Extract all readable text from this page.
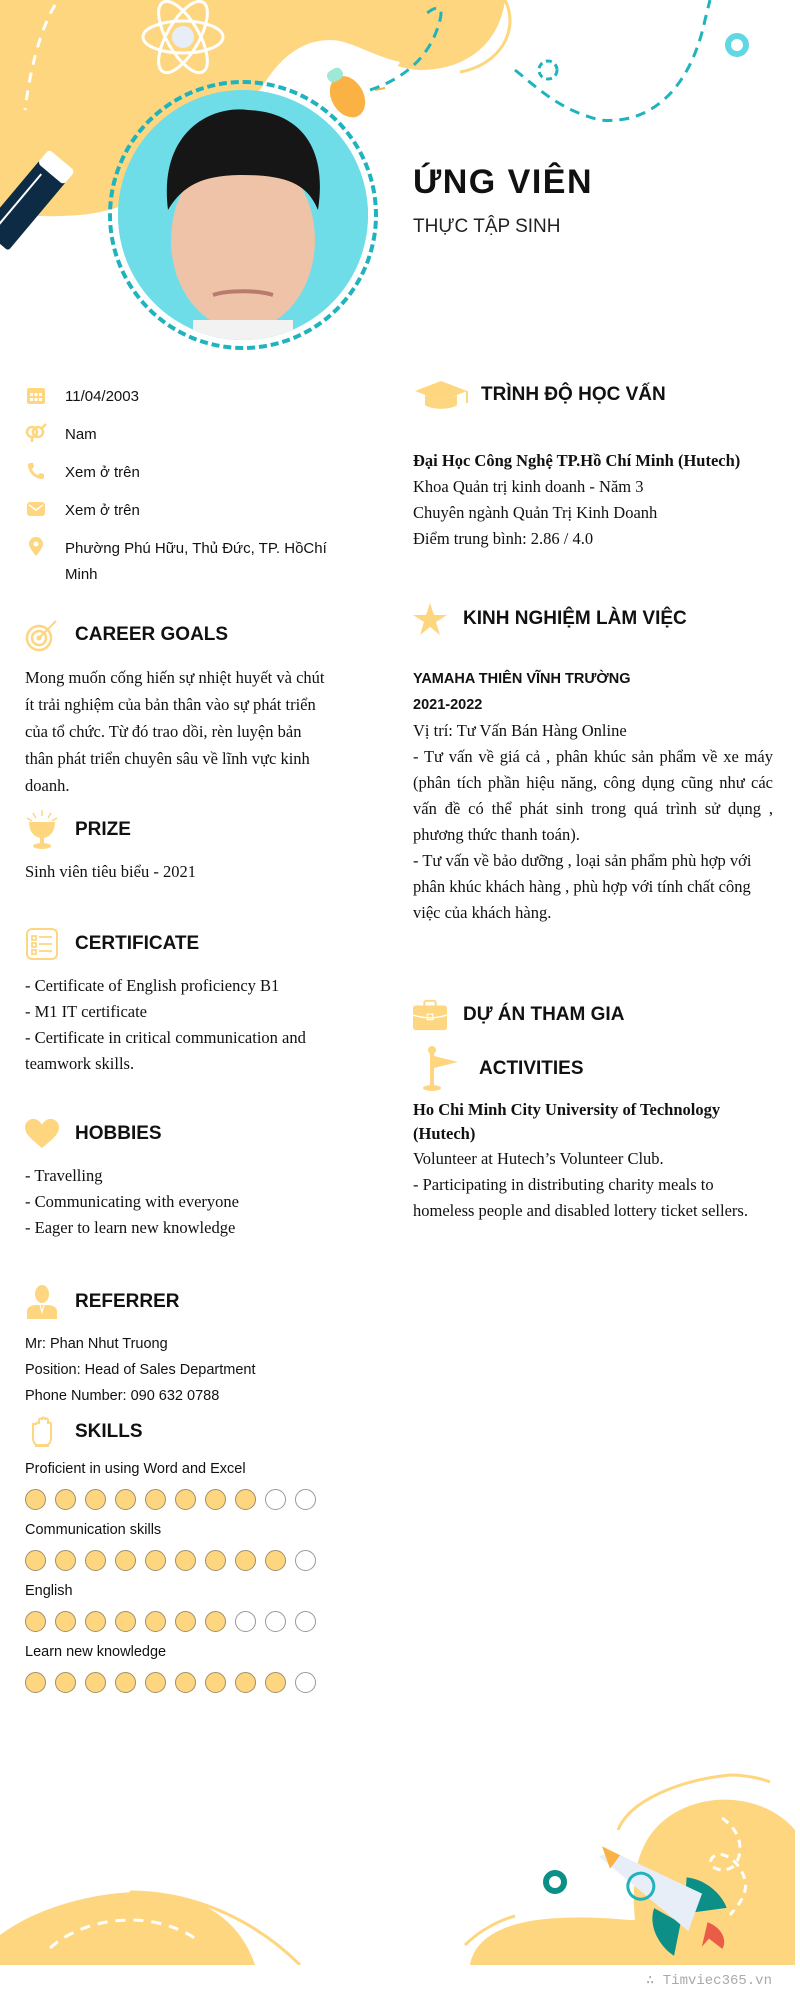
ỨNG VIÊN
THỰC TẬP SINH
11/04/2003
Nam
Xem ở trên
Xem ở trên
Phường Phú Hữu, Thủ Đức, TP. HồChí Minh
CAREER GOALS

Mong muốn cống hiến sự nhiệt huyết và chút ít trải nghiệm của bản thân vào sự phát triển của tổ chức. Từ đó trao dồi, rèn luyện bản thân phát triển chuyên sâu về lĩnh vực kinh doanh.

PRIZE

Sinh viên tiêu biểu - 2021

CERTIFICATE

- Certificate of English proficiency B1

- M1 IT certificate

- Certificate in critical communication and teamwork skills.

HOBBIES

- Travelling

- Communicating with everyone

- Eager to learn new knowledge

REFERRER

Mr: Phan Nhut Truong

Position: Head of Sales Department

Phone Number: 090 632 0788

SKILLS
Proficient in using Word and Excel
Communication skills
English
Learn new knowledge
TRÌNH ĐỘ HỌC VẤN

Đại Học Công Nghệ TP.Hồ Chí Minh (Hutech)

Khoa Quản trị kinh doanh - Năm 3

Chuyên ngành Quản Trị Kinh Doanh

Điểm trung bình: 2.86 / 4.0

KINH NGHIỆM LÀM VIỆC

YAMAHA THIÊN VĨNH TRƯỜNG

2021-2022

Vị trí: Tư Vấn Bán Hàng Online

- Tư vấn về giá cả , phân khúc sản phẩm về xe máy (phân tích phần hiệu năng, công dụng cũng như các vấn đề có thể phát sinh trong quá trình sử dụng , phương thức thanh toán).

- Tư vấn về bảo dưỡng , loại sản phẩm phù hợp với phân khúc khách hàng , phù hợp với tính chất công việc của khách hàng.

DỰ ÁN THAM GIA
ACTIVITIES

Ho Chi Minh City University of Technology (Hutech)

Volunteer at Hutech’s Volunteer Club.

- Participating in distributing charity meals to homeless people and disabled lottery ticket sellers.

∴ Timviec365.vn
